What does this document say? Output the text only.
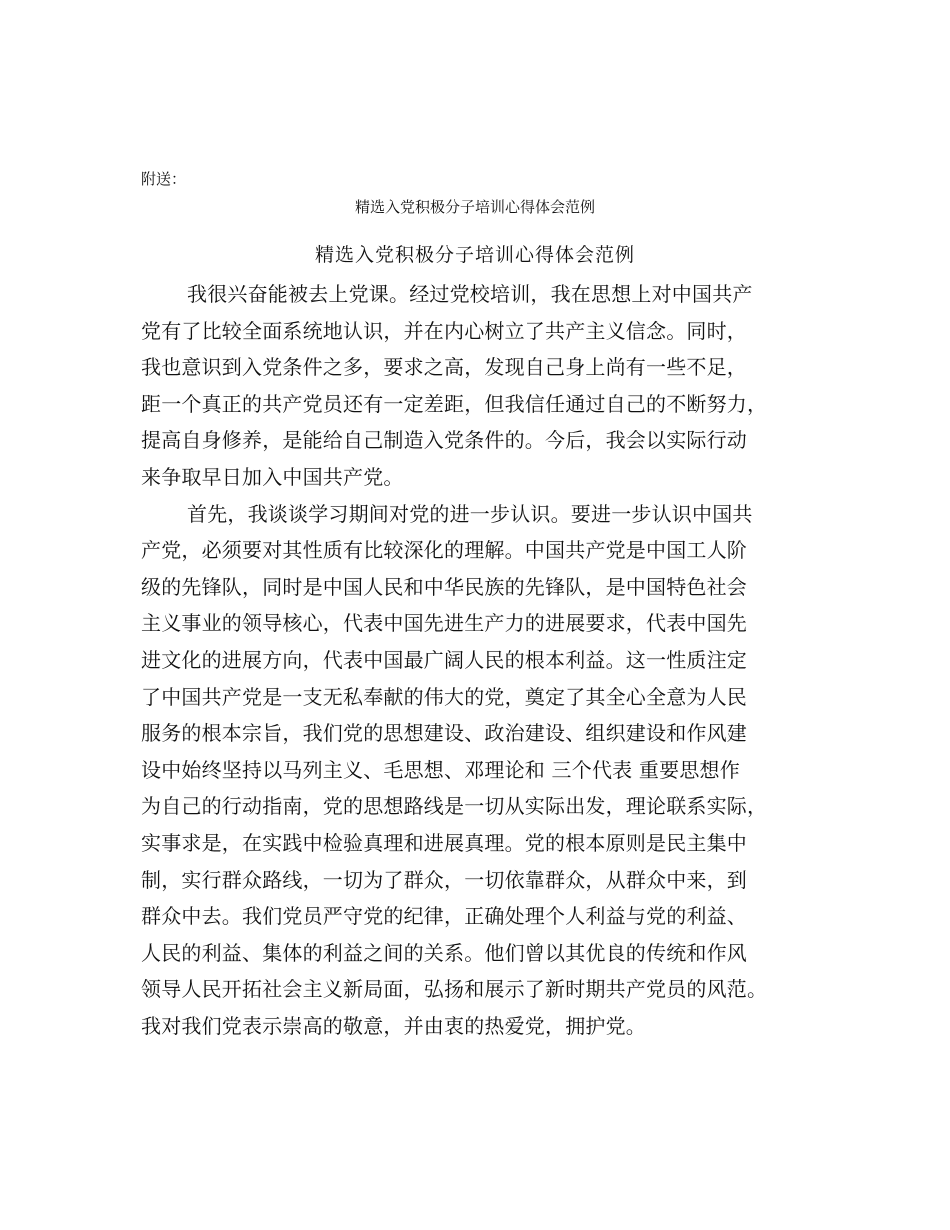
附送：

精选入党积极分子培训心得体会范例

精选入党积极分子培训心得体会范例

我很兴奋能被去上党课。经过党校培训，我在思想上对中国共产

党有了比较全面系统地认识，并在内心树立了共产主义信念。同时，

我也意识到入党条件之多，要求之高，发现自己身上尚有一些不足，

距一个真正的共产党员还有一定差距，但我信任通过自己的不断努力，

提高自身修养，是能给自己制造入党条件的。今后，我会以实际行动

来争取早日加入中国共产党。

首先，我谈谈学习期间对党的进一步认识。要进一步认识中国共

产党，必须要对其性质有比较深化的理解。中国共产党是中国工人阶

级的先锋队，同时是中国人民和中华民族的先锋队，是中国特色社会

主义事业的领导核心，代表中国先进生产力的进展要求，代表中国先

进文化的进展方向，代表中国最广阔人民的根本利益。这一性质注定

了中国共产党是一支无私奉献的伟大的党，奠定了其全心全意为人民

服务的根本宗旨，我们党的思想建设、政治建设、组织建设和作风建

设中始终坚持以马列主义、毛思想、邓理论和 三个代表 重要思想作

为自己的行动指南，党的思想路线是一切从实际出发，理论联系实际，

实事求是，在实践中检验真理和进展真理。党的根本原则是民主集中

制，实行群众路线，一切为了群众，一切依靠群众，从群众中来，到

群众中去。我们党员严守党的纪律，正确处理个人利益与党的利益、

人民的利益、集体的利益之间的关系。他们曾以其优良的传统和作风

领导人民开拓社会主义新局面，弘扬和展示了新时期共产党员的风范。

我对我们党表示崇高的敬意，并由衷的热爱党，拥护党。
